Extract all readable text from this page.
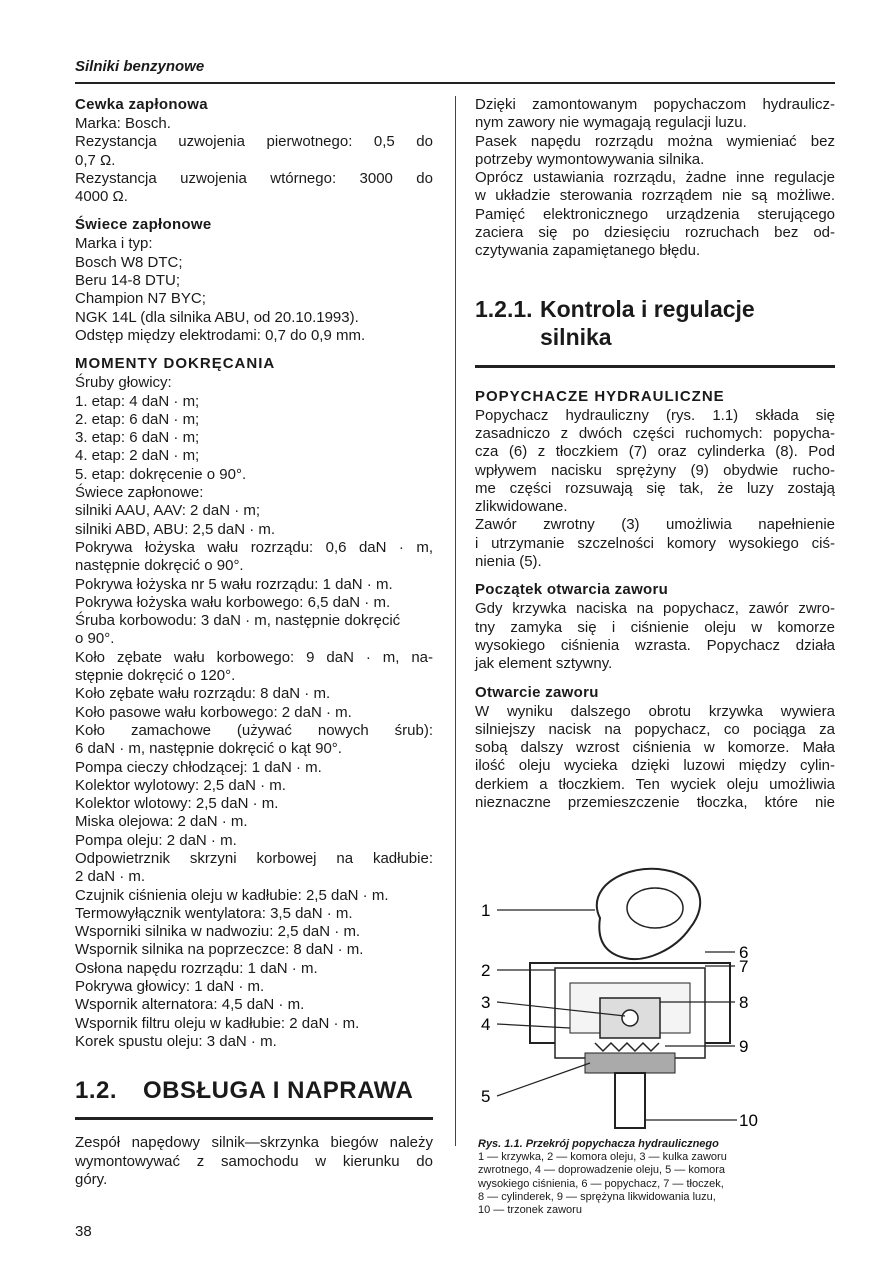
Silniki benzynowe
Cewka zapłonowa
Marka: Bosch.
Rezystancja uzwojenia pierwotnego: 0,5 do
0,7 Ω.
Rezystancja uzwojenia wtórnego: 3000 do
4000 Ω.
Świece zapłonowe
Marka i typ:
Bosch W8 DTC;
Beru 14-8 DTU;
Champion N7 BYC;
NGK 14L (dla silnika ABU, od 20.10.1993).
Odstęp między elektrodami: 0,7 do 0,9 mm.
MOMENTY DOKRĘCANIA
Śruby głowicy:
1. etap: 4 daN · m;
2. etap: 6 daN · m;
3. etap: 6 daN · m;
4. etap: 2 daN · m;
5. etap: dokręcenie o 90°.
Świece zapłonowe:
silniki AAU, AAV: 2 daN · m;
silniki ABD, ABU: 2,5 daN · m.
Pokrywa łożyska wału rozrządu: 0,6 daN · m,
następnie dokręcić o 90°.
Pokrywa łożyska nr 5 wału rozrządu: 1 daN · m.
Pokrywa łożyska wału korbowego: 6,5 daN · m.
Śruba korbowodu: 3 daN · m, następnie dokręcić
o 90°.
Koło zębate wału korbowego: 9 daN · m, na-
stępnie dokręcić o 120°.
Koło zębate wału rozrządu: 8 daN · m.
Koło pasowe wału korbowego: 2 daN · m.
Koło zamachowe (używać nowych śrub):
6 daN · m, następnie dokręcić o kąt 90°.
Pompa cieczy chłodzącej: 1 daN · m.
Kolektor wylotowy: 2,5 daN · m.
Kolektor wlotowy: 2,5 daN · m.
Miska olejowa: 2 daN · m.
Pompa oleju: 2 daN · m.
Odpowietrznik skrzyni korbowej na kadłubie:
2 daN · m.
Czujnik ciśnienia oleju w kadłubie: 2,5 daN · m.
Termowyłącznik wentylatora: 3,5 daN · m.
Wsporniki silnika w nadwoziu: 2,5 daN · m.
Wspornik silnika na poprzeczce: 8 daN · m.
Osłona napędu rozrządu: 1 daN · m.
Pokrywa głowicy: 1 daN · m.
Wspornik alternatora: 4,5 daN · m.
Wspornik filtru oleju w kadłubie: 2 daN · m.
Korek spustu oleju: 3 daN · m.
1.2.	OBSŁUGA I NAPRAWA
Zespół napędowy silnik—skrzynka biegów należy
wymontowywać z samochodu w kierunku do
góry.
Dzięki zamontowanym popychaczom hydraulicz-
nym zawory nie wymagają regulacji luzu.
Pasek napędu rozrządu można wymieniać bez
potrzeby wymontowywania silnika.
Oprócz ustawiania rozrządu, żadne inne regulacje
w układzie sterowania rozrządem nie są możliwe.
Pamięć elektronicznego urządzenia sterującego
zaciera się po dziesięciu rozruchach bez od-
czytywania zapamiętanego błędu.
1.2.1. Kontrola i regulacje
silnika
POPYCHACZE HYDRAULICZNE
Popychacz hydrauliczny (rys. 1.1) składa się
zasadniczo z dwóch części ruchomych: popycha-
cza (6) z tłoczkiem (7) oraz cylinderka (8). Pod
wpływem nacisku sprężyny (9) obydwie rucho-
me części rozsuwają się tak, że luzy zostają
zlikwidowane.
Zawór zwrotny (3) umożliwia napełnienie
i utrzymanie szczelności komory wysokiego ciś-
nienia (5).
Początek otwarcia zaworu
Gdy krzywka naciska na popychacz, zawór zwro-
tny zamyka się i ciśnienie oleju w komorze
wysokiego ciśnienia wzrasta. Popychacz działa
jak element sztywny.
Otwarcie zaworu
W wyniku dalszego obrotu krzywka wywiera
silniejszy nacisk na popychacz, co pociąga za
sobą dalszy wzrost ciśnienia w komorze. Mała
ilość oleju wycieka dzięki luzowi między cylin-
derkiem a tłoczkiem. Ten wyciek oleju umożliwia
nieznaczne przemieszczenie tłoczka, które nie
1
2
3
4
5
6
7
8
9
10
Rys. 1.1. Przekrój popychacza hydraulicznego
1 — krzywka, 2 — komora oleju, 3 — kulka zaworu
zwrotnego, 4 — doprowadzenie oleju, 5 — komora
wysokiego ciśnienia, 6 — popychacz, 7 — tłoczek,
8 — cylinderek, 9 — sprężyna likwidowania luzu,
10 — trzonek zaworu
38
